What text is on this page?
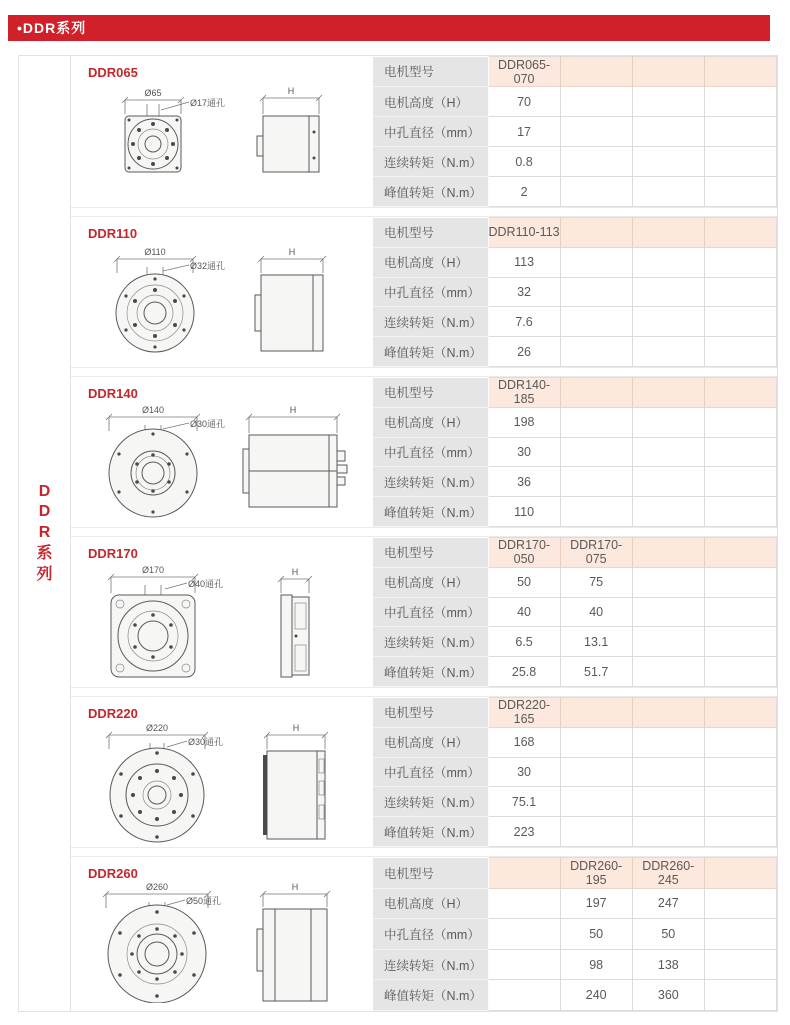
•DDR系列
D
D
R
系
列
DDR065
Ø65
Ø17通孔
H
电机型号	DDR065-070			
电机高度（H）	70			
中孔直径（mm）	17			
连续转矩（N.m）	0.8			
峰值转矩（N.m）	2			
DDR110
Ø110
Ø32通孔
H
电机型号	DDR110-113			
电机高度（H）	113			
中孔直径（mm）	32			
连续转矩（N.m）	7.6			
峰值转矩（N.m）	26			
DDR140
Ø140
Ø30通孔
H
电机型号	DDR140-185			
电机高度（H）	198			
中孔直径（mm）	30			
连续转矩（N.m）	36			
峰值转矩（N.m）	110			
DDR170
Ø170
Ø40通孔
H
电机型号	DDR170-050	DDR170-075		
电机高度（H）	50	75		
中孔直径（mm）	40	40		
连续转矩（N.m）	6.5	13.1		
峰值转矩（N.m）	25.8	51.7		
DDR220
Ø220
Ø30通孔
H
电机型号	DDR220-165			
电机高度（H）	168			
中孔直径（mm）	30			
连续转矩（N.m）	75.1			
峰值转矩（N.m）	223			
DDR260
Ø260
Ø50通孔
H
电机型号		DDR260-195	DDR260-245	
电机高度（H）		197	247	
中孔直径（mm）		50	50	
连续转矩（N.m）		98	138	
峰值转矩（N.m）		240	360	
